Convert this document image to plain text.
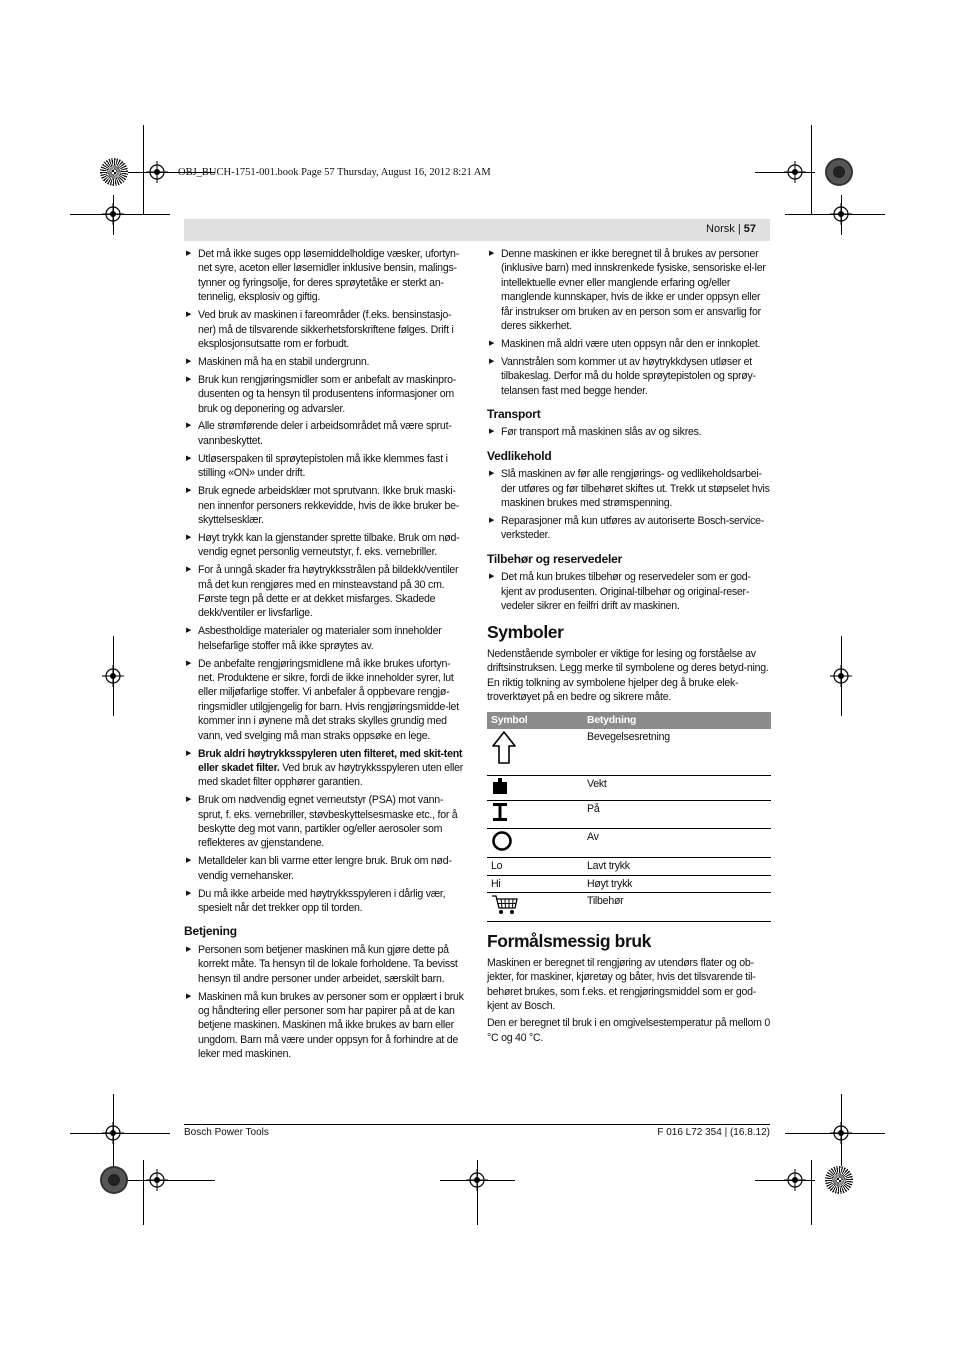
OBJ_BUCH-1751-001.book Page 57 Thursday, August 16, 2012 8:21 AM
Norsk | 57
▶ Det må ikke suges opp løsemiddelholdige væsker, ufortyn-net syre, aceton eller løsemidler inklusive bensin, malings-tynner og fyringsolje, for deres sprøytetåke er sterkt an-tennelig, eksplosiv og giftig.
▶ Ved bruk av maskinen i fareområder (f.eks. bensinstasjo-ner) må de tilsvarende sikkerhetsforskriftene følges. Drift i eksplosjonsutsatte rom er forbudt.
▶ Maskinen må ha en stabil undergrunn.
▶ Bruk kun rengjøringsmidler som er anbefalt av maskinpro-dusenten og ta hensyn til produsentens informasjoner om bruk og deponering og advarsler.
▶ Alle strømførende deler i arbeidsområdet må være sprut-vannbeskyttet.
▶ Utløserspaken til sprøytepistolen må ikke klemmes fast i stilling «ON» under drift.
▶ Bruk egnede arbeidsklær mot sprutvann. Ikke bruk maski-nen innenfor personers rekkevidde, hvis de ikke bruker be-skyttelsesklær.
▶ Høyt trykk kan la gjenstander sprette tilbake. Bruk om nød-vendig egnet personlig verneutstyr, f. eks. vernebriller.
▶ For å unngå skader fra høytrykksstrålen på bildekk/ventiler må det kun rengjøres med en minsteavstand på 30 cm. Første tegn på dette er at dekket misfarges. Skadede dekk/ventiler er livsfarlige.
▶ Asbestholdige materialer og materialer som inneholder helsefarlige stoffer må ikke sprøytes av.
▶ De anbefalte rengjøringsmidlene må ikke brukes ufortyn-net. Produktene er sikre, fordi de ikke inneholder syrer, lut eller miljøfarlige stoffer. Vi anbefaler å oppbevare rengjø-ringsmidler utilgjengelig for barn. Hvis rengjøringsmidde-let kommer inn i øynene må det straks skylles grundig med vann, ved svelging må man straks oppsøke en lege.
▶ Bruk aldri høytrykksspyleren uten filteret, med skit-tent eller skadet filter. Ved bruk av høytrykksspyleren uten eller med skadet filter opphører garantien.
▶ Bruk om nødvendig egnet verneutstyr (PSA) mot vann-sprut, f. eks. vernebriller, støvbeskyttelsesmaske etc., for å beskytte deg mot vann, partikler og/eller aerosoler som reflekteres av gjenstandene.
▶ Metalldeler kan bli varme etter lengre bruk. Bruk om nød-vendig vernehansker.
▶ Du må ikke arbeide med høytrykksspyleren i dårlig vær, spesielt når det trekker opp til torden.
Betjening
▶ Personen som betjener maskinen må kun gjøre dette på korrekt måte. Ta hensyn til de lokale forholdene. Ta bevisst hensyn til andre personer under arbeidet, særskilt barn.
▶ Maskinen må kun brukes av personer som er opplært i bruk og håndtering eller personer som har papirer på at de kan betjene maskinen. Maskinen må ikke brukes av barn eller ungdom. Barn må være under oppsyn for å forhindre at de leker med maskinen.
▶ Denne maskinen er ikke beregnet til å brukes av personer (inklusive barn) med innskrenkede fysiske, sensoriske el-ler intellektuelle evner eller manglende erfaring og/eller manglende kunnskaper, hvis de ikke er under oppsyn eller får instrukser om bruken av en person som er ansvarlig for deres sikkerhet.
▶ Maskinen må aldri være uten oppsyn når den er innkoplet.
▶ Vannstrålen som kommer ut av høytrykkdysen utløser et tilbakeslag. Derfor må du holde sprøytepistolen og sprøy-telansen fast med begge hender.
Transport
▶ Før transport må maskinen slås av og sikres.
Vedlikehold
▶ Slå maskinen av før alle rengjørings- og vedlikeholdsarbei-der utføres og før tilbehøret skiftes ut. Trekk ut støpselet hvis maskinen brukes med strømspenning.
▶ Reparasjoner må kun utføres av autoriserte Bosch-service-verksteder.
Tilbehør og reservedeler
▶ Det må kun brukes tilbehør og reservedeler som er god-kjent av produsenten. Original-tilbehør og original-reser-vedeler sikrer en feilfri drift av maskinen.
Symboler

Nedenstående symboler er viktige for lesing og forståelse av driftsinstruksen. Legg merke til symbolene og deres betyd-ning. En riktig tolkning av symbolene hjelper deg å bruke elek-troverktøyet på en bedre og sikrere måte.

Symbol	Betydning
	Bevegelsesretning
	Vekt
	På
	Av
Lo	Lavt trykk
Hi	Høyt trykk
	Tilbehør
Formålsmessig bruk

Maskinen er beregnet til rengjøring av utendørs flater og ob-jekter, for maskiner, kjøretøy og båter, hvis det tilsvarende til-behøret brukes, som f.eks. et rengjøringsmiddel som er god-kjent av Bosch.

Den er beregnet til bruk i en omgivelsestemperatur på mellom 0 °C og 40 °C.

Bosch Power Tools	F 016 L72 354 | (16.8.12)
